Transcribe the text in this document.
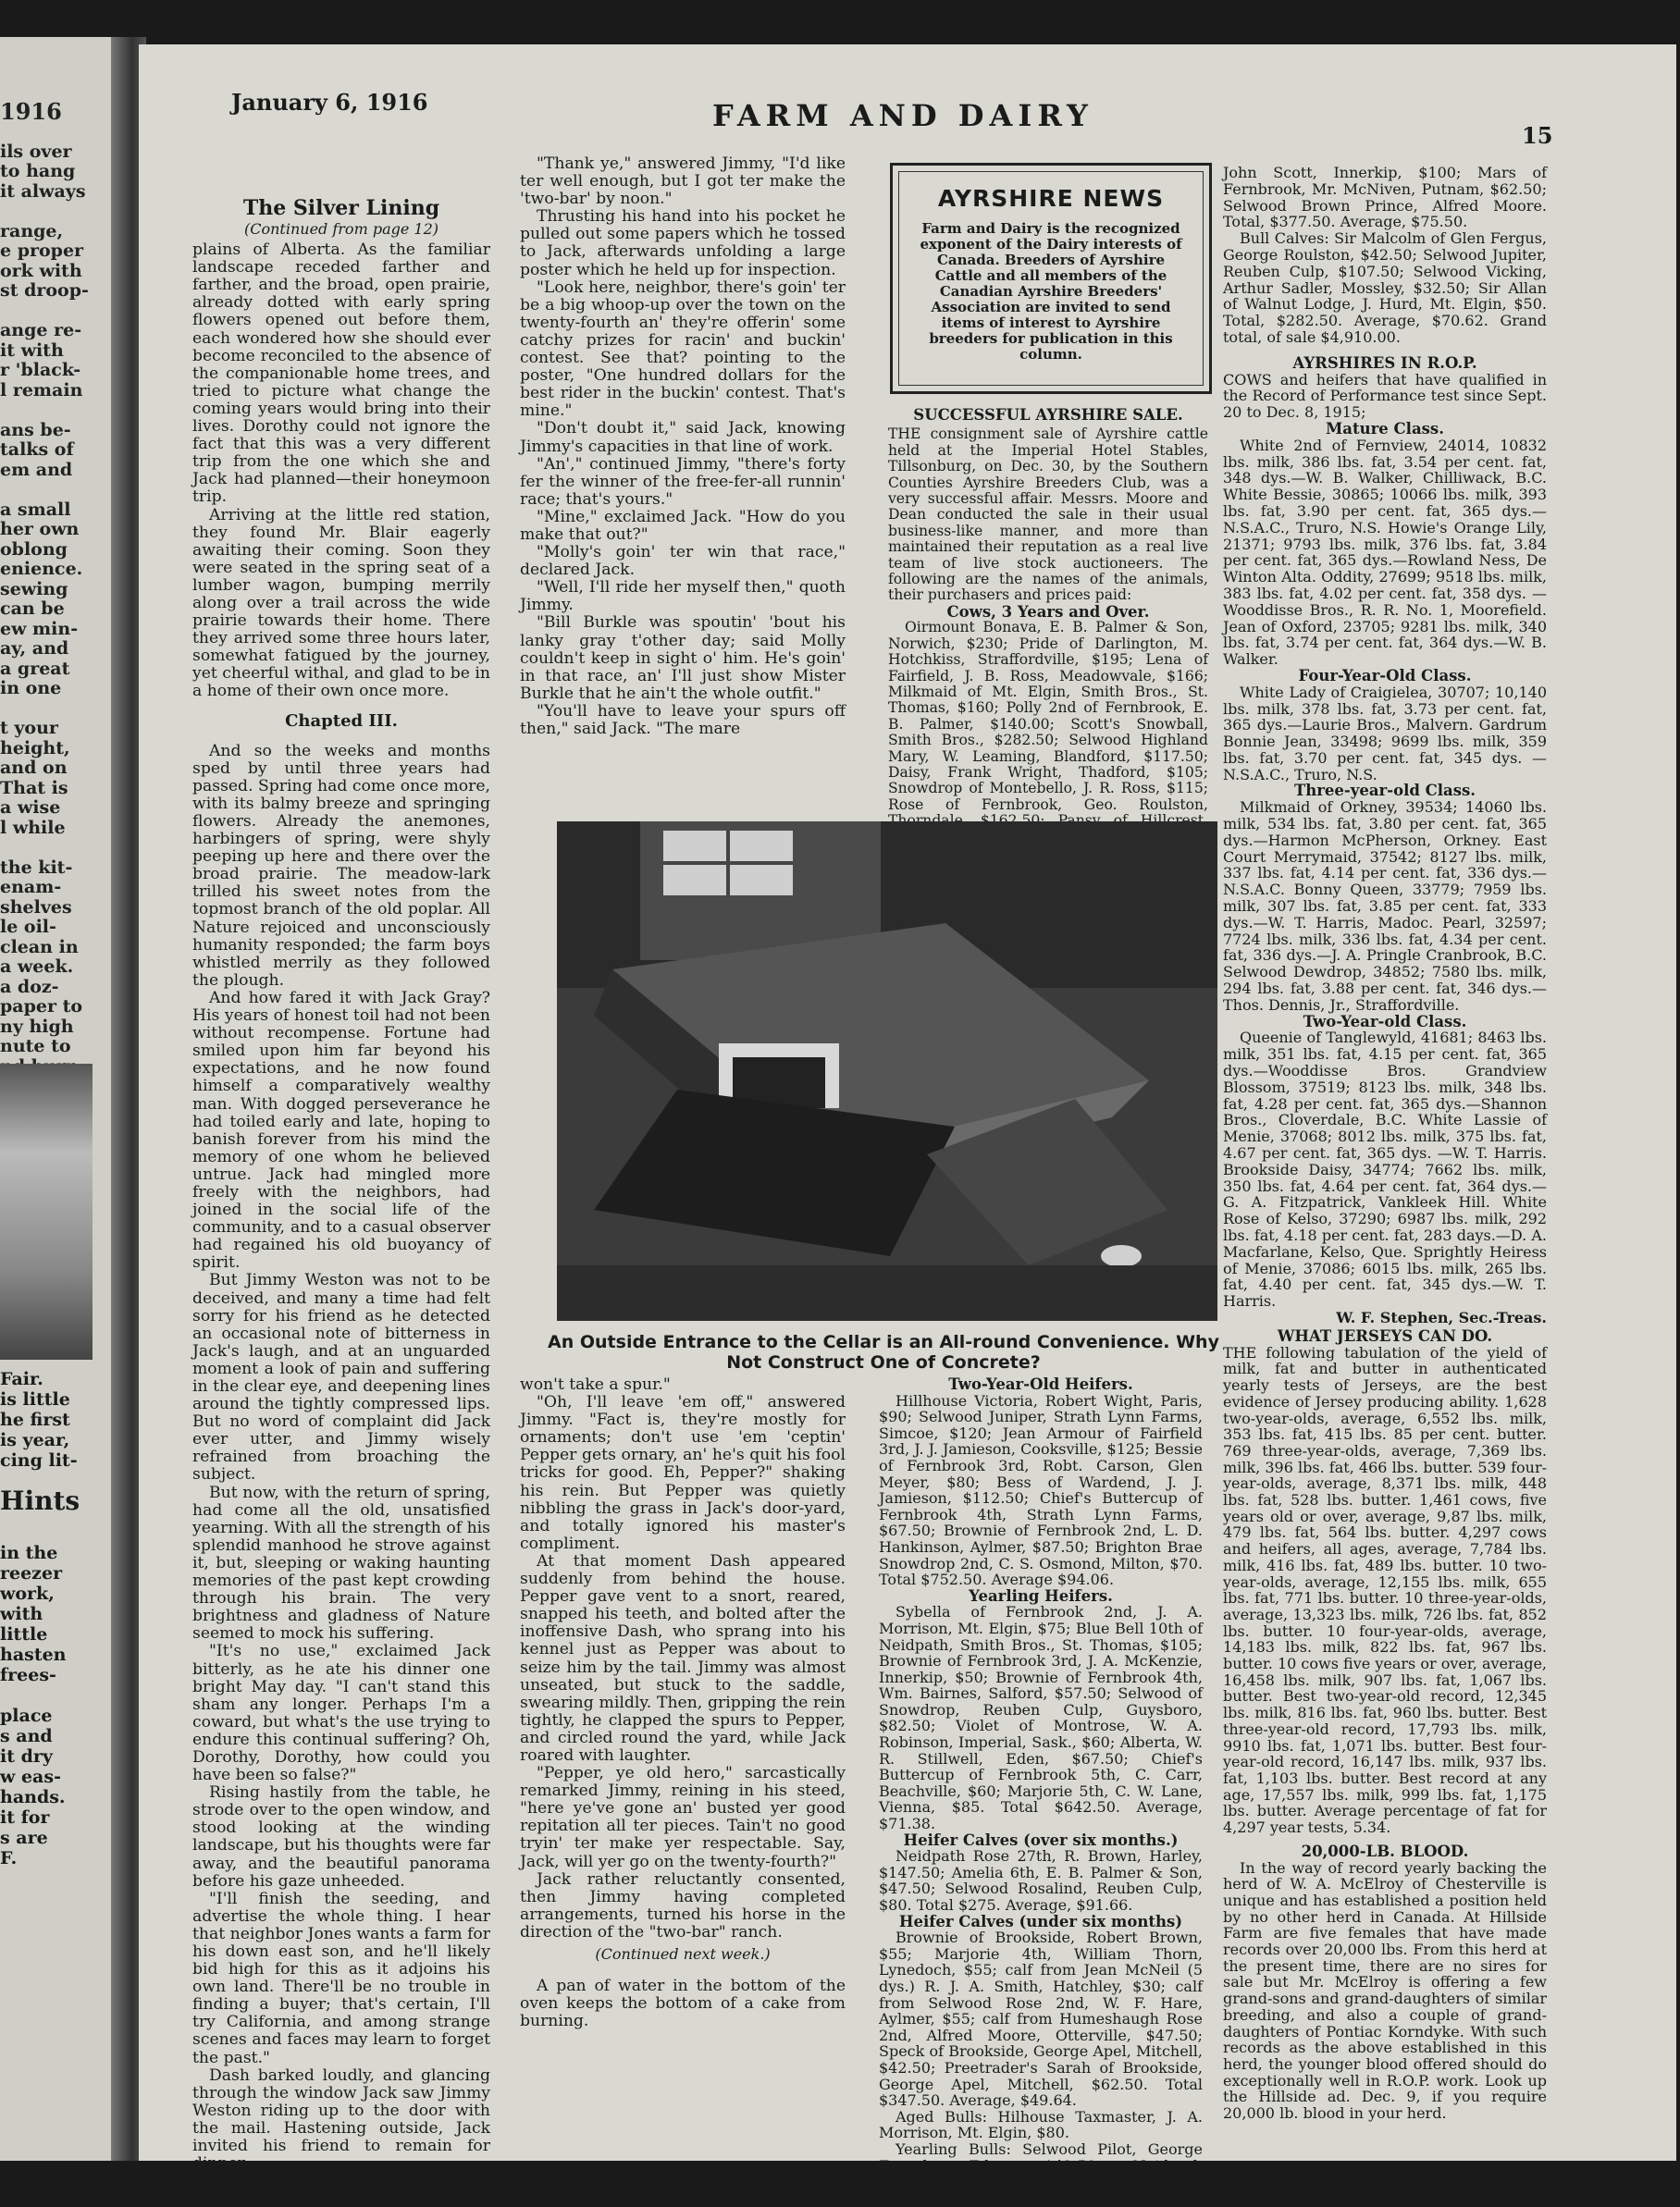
1916
ils over
to hang
it always
range,
e proper
ork with
st droop-
ange re-
it with
r 'black-
l remain
ans be-
talks of
em and
a small
her own
oblong
enience.
sewing
can be
ew min-
ay, and
a great
in one
t your
height,
and on
That is
a wise
l while
the kit-
enam-
shelves
le oil-
clean in
a week.
a doz-
paper to
ny high
nute to
Fair.
is little
he first
is year,
cing lit-
Hints
in the
reezer
work,
with
little
hasten
frees-
place
s and
it dry
w eas-
hands.
it for
s are
F.
January 6, 1916	FARM AND DAIRY
15

The Silver Lining

(Continued from page 12)

plains of Alberta. As the familiar landscape receded farther and farther, and the broad, open prairie, already dotted with early spring flowers opened out before them, each wondered how she should ever become reconciled to the absence of the companionable home trees, and tried to picture what change the coming years would bring into their lives. Dorothy could not ignore the fact that this was a very different trip from the one which she and Jack had planned—their honeymoon trip.

Arriving at the little red station, they found Mr. Blair eagerly awaiting their coming. Soon they were seated in the spring seat of a lumber wagon, bumping merrily along over a trail across the wide prairie towards their home. There they arrived some three hours later, somewhat fatigued by the journey, yet cheerful withal, and glad to be in a home of their own once more.

Chapted III.

And so the weeks and months sped by until three years had passed. Spring had come once more, with its balmy breeze and springing flowers. Already the anemones, harbingers of spring, were shyly peeping up here and there over the broad prairie. The meadow-lark trilled his sweet notes from the topmost branch of the old poplar. All Nature rejoiced and unconsciously humanity responded; the farm boys whistled merrily as they followed the plough.

And how fared it with Jack Gray? His years of honest toil had not been without recompense. Fortune had smiled upon him far beyond his expectations, and he now found himself a comparatively wealthy man. With dogged perseverance he had toiled early and late, hoping to banish forever from his mind the memory of one whom he believed untrue. Jack had mingled more freely with the neighbors, had joined in the social life of the community, and to a casual observer had regained his old buoyancy of spirit.

But Jimmy Weston was not to be deceived, and many a time had felt sorry for his friend as he detected an occasional note of bitterness in Jack's laugh, and at an unguarded moment a look of pain and suffering in the clear eye, and deepening lines around the tightly compressed lips. But no word of complaint did Jack ever utter, and Jimmy wisely refrained from broaching the subject.

But now, with the return of spring, had come all the old, unsatisfied yearning. With all the strength of his splendid manhood he strove against it, but, sleeping or waking haunting memories of the past kept crowding through his brain. The very brightness and gladness of Nature seemed to mock his suffering.

"It's no use," exclaimed Jack bitterly, as he ate his dinner one bright May day. "I can't stand this sham any longer. Perhaps I'm a coward, but what's the use trying to endure this continual suffering? Oh, Dorothy, Dorothy, how could you have been so false?"

Rising hastily from the table, he strode over to the open window, and stood looking at the winding landscape, but his thoughts were far away, and the beautiful panorama before his gaze unheeded.

"I'll finish the seeding, and advertise the whole thing. I hear that neighbor Jones wants a farm for his down east son, and he'll likely bid high for this as it adjoins his own land. There'll be no trouble in finding a buyer; that's certain, I'll try California, and among strange scenes and faces may learn to forget the past."

Dash barked loudly, and glancing through the window Jack saw Jimmy Weston riding up to the door with the mail. Hastening outside, Jack invited his friend to remain for dinner.

"Thank ye," answered Jimmy, "I'd like ter well enough, but I got ter make the 'two-bar' by noon."

Thrusting his hand into his pocket he pulled out some papers which he tossed to Jack, afterwards unfolding a large poster which he held up for inspection.

"Look here, neighbor, there's goin' ter be a big whoop-up over the town on the twenty-fourth an' they're offerin' some catchy prizes for racin' and buckin' contest. See that? pointing to the poster, "One hundred dollars for the best rider in the buckin' contest. That's mine."

"Don't doubt it," said Jack, knowing Jimmy's capacities in that line of work.

"An'," continued Jimmy, "there's forty fer the winner of the free-fer-all runnin' race; that's yours."

"Mine," exclaimed Jack. "How do you make that out?"

"Molly's goin' ter win that race," declared Jack.

"Well, I'll ride her myself then," quoth Jimmy.

"Bill Burkle was spoutin' 'bout his lanky gray t'other day; said Molly couldn't keep in sight o' him. He's goin' in that race, an' I'll just show Mister Burkle that he ain't the whole outfit."

"You'll have to leave your spurs off then," said Jack. "The mare

AYRSHIRE NEWS
Farm and Dairy is the recognized exponent of the Dairy interests of Canada. Breeders of Ayrshire Cattle and all members of the Canadian Ayrshire Breeders' Association are invited to send items of interest to Ayrshire breeders for publication in this column.

SUCCESSFUL AYRSHIRE SALE.

THE consignment sale of Ayrshire cattle held at the Imperial Hotel Stables, Tillsonburg, on Dec. 30, by the Southern Counties Ayrshire Breeders Club, was a very successful affair. Messrs. Moore and Dean conducted the sale in their usual business-like manner, and more than maintained their reputation as a real live team of live stock auctioneers. The following are the names of the animals, their purchasers and prices paid:

Cows, 3 Years and Over.

Oirmount Bonava, E. B. Palmer & Son, Norwich, $230; Pride of Darlington, M. Hotchkiss, Straffordville, $195; Lena of Fairfield, J. B. Ross, Meadowvale, $166; Milkmaid of Mt. Elgin, Smith Bros., St. Thomas, $160; Polly 2nd of Fernbrook, E. B. Palmer, $140.00; Scott's Snowball, Smith Bros., $282.50; Selwood Highland Mary, W. Leaming, Blandford, $117.50; Daisy, Frank Wright, Thadford, $105; Snowdrop of Montebello, J. R. Ross, $115; Rose of Fernbrook, Geo. Roulston,

An Outside Entrance to the Cellar is an All-round Convenience. Why Not Construct One of Concrete?

won't take a spur."

"Oh, I'll leave 'em off," answered Jimmy. "Fact is, they're mostly for ornaments; don't use 'em 'ceptin' Pepper gets ornary, an' he's quit his fool tricks for good. Eh, Pepper?" shaking his rein. But Pepper was quietly nibbling the grass in Jack's door-yard, and totally ignored his master's compliment.

At that moment Dash appeared suddenly from behind the house. Pepper gave vent to a snort, reared, snapped his teeth, and bolted after the inoffensive Dash, who sprang into his kennel just as Pepper was about to seize him by the tail. Jimmy was almost unseated, but stuck to the saddle, swearing mildly. Then, gripping the rein tightly, he clapped the spurs to Pepper, and circled round the yard, while Jack roared with laughter.

"Pepper, ye old hero," sarcastically remarked Jimmy, reining in his steed, "here ye've gone an' busted yer good repitation all ter pieces. Tain't no good tryin' ter make yer respectable. Say, Jack, will yer go on the twenty-fourth?"

Jack rather reluctantly consented, then Jimmy having completed arrangements, turned his horse in the direction of the "two-bar" ranch.

(Continued next week.)

A pan of water in the bottom of the oven keeps the bottom of a cake from burning.

Two-Year-Old Heifers.

Hillhouse Victoria, Robert Wight, Paris, $90; Selwood Juniper, Strath Lynn Farms, Simcoe, $120; Jean Armour of Fairfield 3rd, J. J. Jamieson, Cooksville, $125; Bessie of Fernbrook 3rd, Robt. Carson, Glen Meyer, $80; Bess of Wardend, J. J. Jamieson, $112.50; Chief's Buttercup of Fernbrook 4th, Strath Lynn Farms, $67.50; Brownie of Fernbrook 2nd, L. D. Hankinson, Aylmer, $87.50; Brighton Brae Snowdrop 2nd, C. S. Osmond, Milton, $70. Total $752.50. Average $94.06.

Yearling Heifers.

Sybella of Fernbrook 2nd, J. A. Morrison, Mt. Elgin, $75; Blue Bell 10th of Neidpath, Smith Bros., St. Thomas, $105; Brownie of Fernbrook 3rd, J. A. McKenzie, Innerkip, $50; Brownie of Fernbrook 4th, Wm. Bairnes, Salford, $57.50; Selwood of Snowdrop, Reuben Culp, Guysboro, $82.50; Violet of Montrose, W. A. Robinson, Imperial, Sask., $60; Alberta, W. R. Stillwell, Eden, $67.50; Chief's Buttercup of Fernbrook 5th, C. Carr, Beachville, $60; Marjorie 5th, C. W. Lane, Vienna, $85. Total $642.50. Average, $71.38.

Heifer Calves (over six months.)

Neidpath Rose 27th, R. Brown, Harley, $147.50; Amelia 6th, E. B. Palmer & Son, $47.50; Selwood Rosalind, Reuben Culp, $80. Total $275. Average, $91.66.

Heifer Calves (under six months)

Brownie of Brookside, Robert Brown, $55; Marjorie 4th, William Thorn, Lynedoch, $55; calf from Jean McNeil (5 dys.) R. J. A. Smith, Hatchley, $30; calf from Selwood Rose 2nd, W. F. Hare, Aylmer, $55; calf from Humeshaugh Rose 2nd, Alfred Moore, Otterville, $47.50; Speck of Brookside, George Apel, Mitchell, $42.50; Preetrader's Sarah of Brookside, George Apel, Mitchell, $62.50. Total $347.50. Average, $49.64.

Aged Bulls: Hilhouse Taxmaster, J. A. Morrison, Mt. Elgin, $80.

Yearling Bulls: Selwood Pilot, George French, Eden, $42.50; Neidpath Lieutenant, William Thorn, Lynedoch, $100; Sir Ivan,

John Scott, Innerkip, $100; Mars of Fernbrook, Mr. McNiven, Putnam, $62.50; Selwood Brown Prince, Alfred Moore. Total, $377.50. Average, $75.50.

Bull Calves: Sir Malcolm of Glen Fergus, George Roulston, $42.50; Selwood Jupiter, Reuben Culp, $107.50; Selwood Vicking, Arthur Sadler, Mossley, $32.50; Sir Allan of Walnut Lodge, J. Hurd, Mt. Elgin, $50. Total, $282.50. Average, $70.62. Grand total, of sale $4,910.00.

AYRSHIRES IN R.O.P.

COWS and heifers that have qualified in the Record of Performance test since Sept. 20 to Dec. 8, 1915;

Mature Class.

White 2nd of Fernview, 24014, 10832 lbs. milk, 386 lbs. fat, 3.54 per cent. fat, 348 dys.—W. B. Walker, Chilliwack, B.C. White Bessie, 30865; 10066 lbs. milk, 393 lbs. fat, 3.90 per cent. fat, 365 dys.—N.S.A.C., Truro, N.S. Howie's Orange Lily, 21371; 9793 lbs. milk, 376 lbs. fat, 3.84 per cent. fat, 365 dys.—Rowland Ness, De Winton Alta. Oddity, 27699; 9518 lbs. milk, 383 lbs. fat, 4.02 per cent. fat, 358 dys. — Wooddisse Bros., R. R. No. 1, Moorefield. Jean of Oxford, 23705; 9281 lbs. milk, 340 lbs. fat, 3.74 per cent. fat, 364 dys.—W. B. Walker.

Four-Year-Old Class.

White Lady of Craigielea, 30707; 10,140 lbs. milk, 378 lbs. fat, 3.73 per cent. fat, 365 dys.—Laurie Bros., Malvern. Gardrum Bonnie Jean, 33498; 9699 lbs. milk, 359 lbs. fat, 3.70 per cent. fat, 345 dys. —N.S.A.C., Truro, N.S.

Three-year-old Class.

Milkmaid of Orkney, 39534; 14060 lbs. milk, 534 lbs. fat, 3.80 per cent. fat, 365 dys.—Harmon McPherson, Orkney. East Court Merrymaid, 37542; 8127 lbs. milk, 337 lbs. fat, 4.14 per cent. fat, 336 dys.—N.S.A.C. Bonny Queen, 33779; 7959 lbs. milk, 307 lbs. fat, 3.85 per cent. fat, 333 dys.—W. T. Harris, Madoc. Pearl, 32597; 7724 lbs. milk, 336 lbs. fat, 4.34 per cent. fat, 336 dys.—J. A. Pringle Cranbrook, B.C. Selwood Dewdrop, 34852; 7580 lbs. milk, 294 lbs. fat, 3.88 per cent. fat, 346 dys.—Thos. Dennis, Jr., Straffordville.

Two-Year-old Class.

Queenie of Tanglewyld, 41681; 8463 lbs. milk, 351 lbs. fat, 4.15 per cent. fat, 365 dys.—Wooddisse Bros. Grandview Blossom, 37519; 8123 lbs. milk, 348 lbs. fat, 4.28 per cent. fat, 365 dys.—Shannon Bros., Cloverdale, B.C. White Lassie of Menie, 37068; 8012 lbs. milk, 375 lbs. fat, 4.67 per cent. fat, 365 dys. —W. T. Harris. Brookside Daisy, 34774; 7662 lbs. milk, 350 lbs. fat, 4.64 per cent. fat, 364 dys.—G. A. Fitzpatrick, Vankleek Hill. White Rose of Kelso, 37290; 6987 lbs. milk, 292 lbs. fat, 4.18 per cent. fat, 283 days.—D. A. Macfarlane, Kelso, Que. Sprightly Heiress of Menie, 37086; 6015 lbs. milk, 265 lbs. fat, 4.40 per cent. fat, 345 dys.—W. T. Harris.

W. F. Stephen, Sec.-Treas.

WHAT JERSEYS CAN DO.

THE following tabulation of the yield of milk, fat and butter in authenticated yearly tests of Jerseys, are the best evidence of Jersey producing ability. 1,628 two-year-olds, average, 6,552 lbs. milk, 353 lbs. fat, 415 lbs. 85 per cent. butter. 769 three-year-olds, average, 7,369 lbs. milk, 396 lbs. fat, 466 lbs. butter. 539 four-year-olds, average, 8,371 lbs. milk, 448 lbs. fat, 528 lbs. butter. 1,461 cows, five years old or over, average, 9,87 lbs. milk, 479 lbs. fat, 564 lbs. butter. 4,297 cows and heifers, all ages, average, 7,784 lbs. milk, 416 lbs. fat, 489 lbs. butter. 10 two-year-olds, average, 12,155 lbs. milk, 655 lbs. fat, 771 lbs. butter. 10 three-year-olds, average, 13,323 lbs. milk, 726 lbs. fat, 852 lbs. butter. 10 four-year-olds, average, 14,183 lbs. milk, 822 lbs. fat, 967 lbs. butter. 10 cows five years or over, average, 16,458 lbs. milk, 907 lbs. fat, 1,067 lbs. butter. Best two-year-old record, 12,345 lbs. milk, 816 lbs. fat, 960 lbs. butter. Best three-year-old record, 17,793 lbs. milk, 9910 lbs. fat, 1,071 lbs. butter. Best four-year-old record, 16,147 lbs. milk, 937 lbs. fat, 1,103 lbs. butter. Best record at any age, 17,557 lbs. milk, 999 lbs. fat, 1,175 lbs. butter. Average percentage of fat for 4,297 year tests, 5.34.

20,000-LB. BLOOD.

In the way of record yearly backing the herd of W. A. McElroy of Chesterville is unique and has established a position held by no other herd in Canada. At Hillside Farm are five females that have made records over 20,000 lbs. From this herd at the present time, there are no sires for sale but Mr. McElroy is offering a few grand-sons and grand-daughters of similar breeding, and also a couple of grand-daughters of Pontiac Korndyke. With such records as the above established in this herd, the younger blood offered should do exceptionally well in R.O.P. work. Look up the Hillside ad. Dec. 9, if you require 20,000 lb. blood in your herd.
